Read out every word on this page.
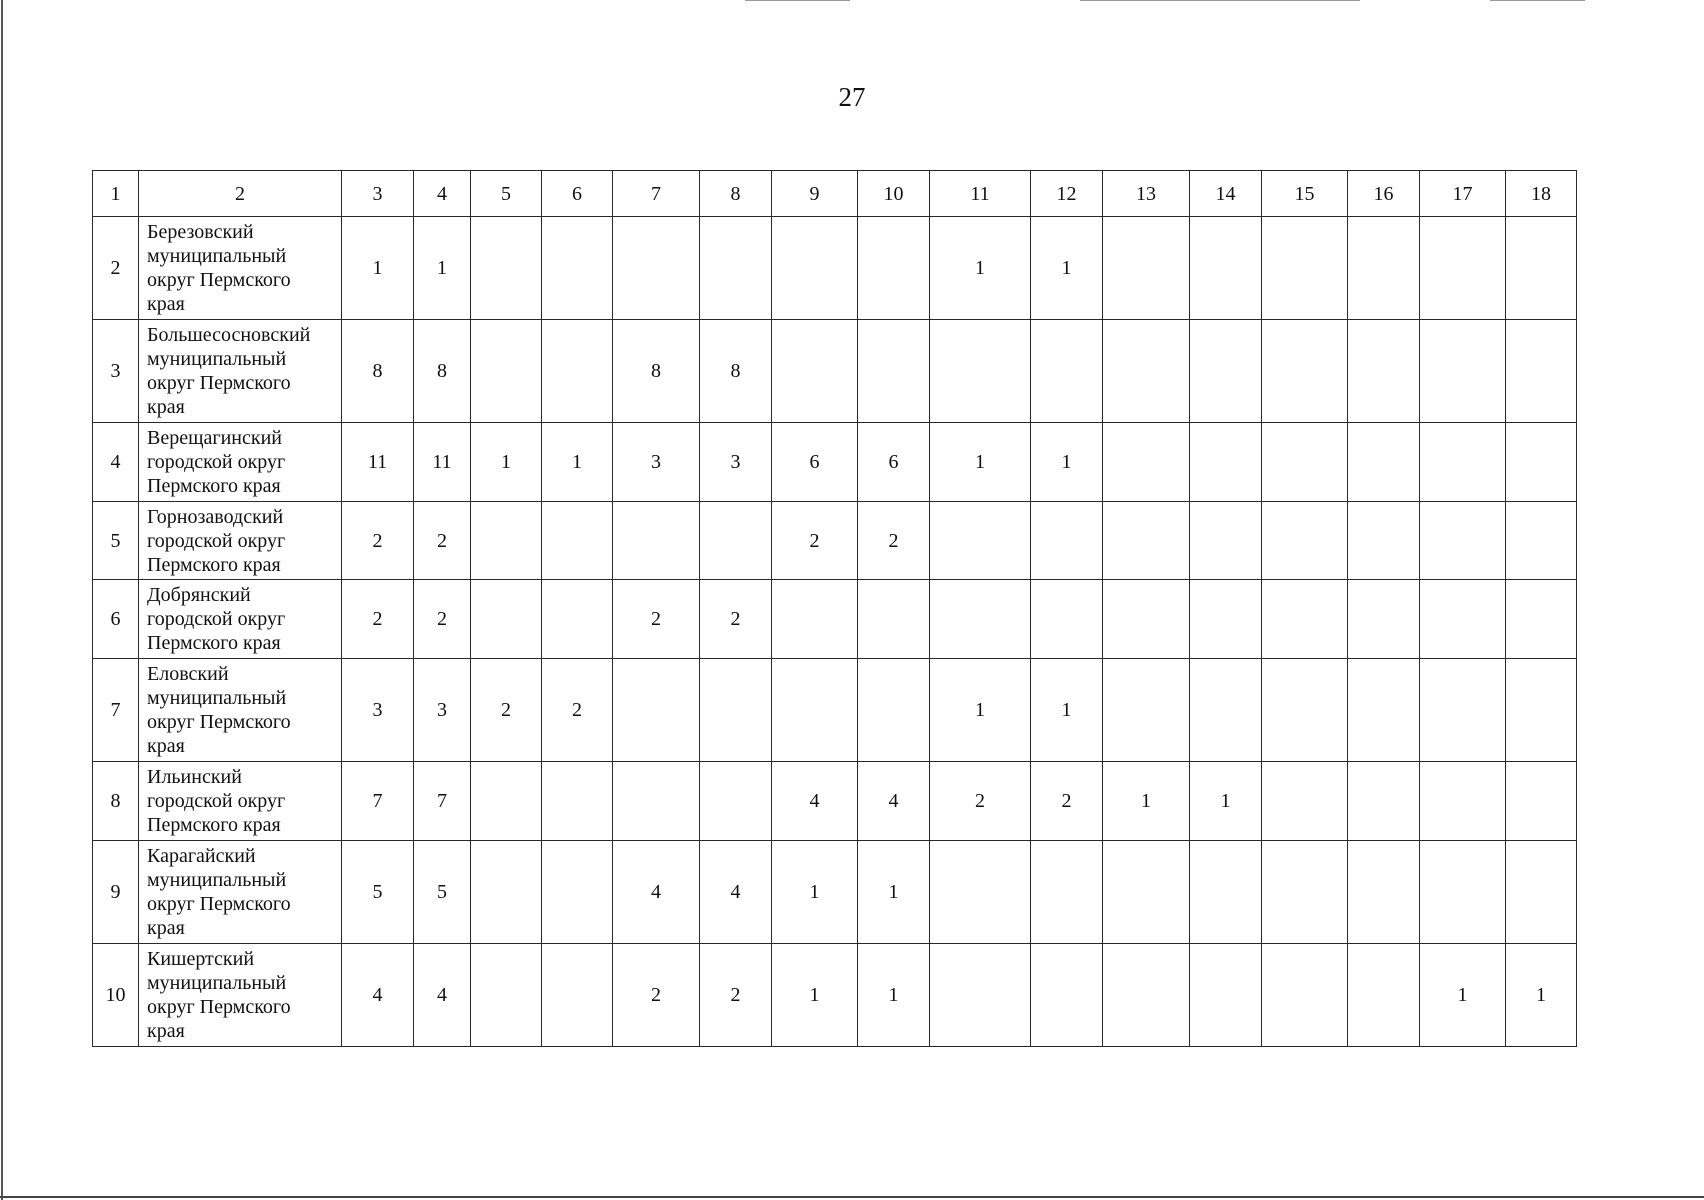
27
1	2	3	4	5	6	7	8	9	10	11	12	13	14	15	16	17	18
2	Березовский
муниципальный
округ Пермского
края	1	1							1	1						
3	Большесосновский
муниципальный
округ Пермского
края	8	8			8	8										
4	Верещагинский
городской округ
Пермского края	11	11	1	1	3	3	6	6	1	1						
5	Горнозаводский
городской округ
Пермского края	2	2					2	2								
6	Добрянский
городской округ
Пермского края	2	2			2	2										
7	Еловский
муниципальный
округ Пермского
края	3	3	2	2					1	1						
8	Ильинский
городской округ
Пермского края	7	7					4	4	2	2	1	1				
9	Карагайский
муниципальный
округ Пермского
края	5	5			4	4	1	1								
10	Кишертский
муниципальный
округ Пермского
края	4	4			2	2	1	1							1	1
